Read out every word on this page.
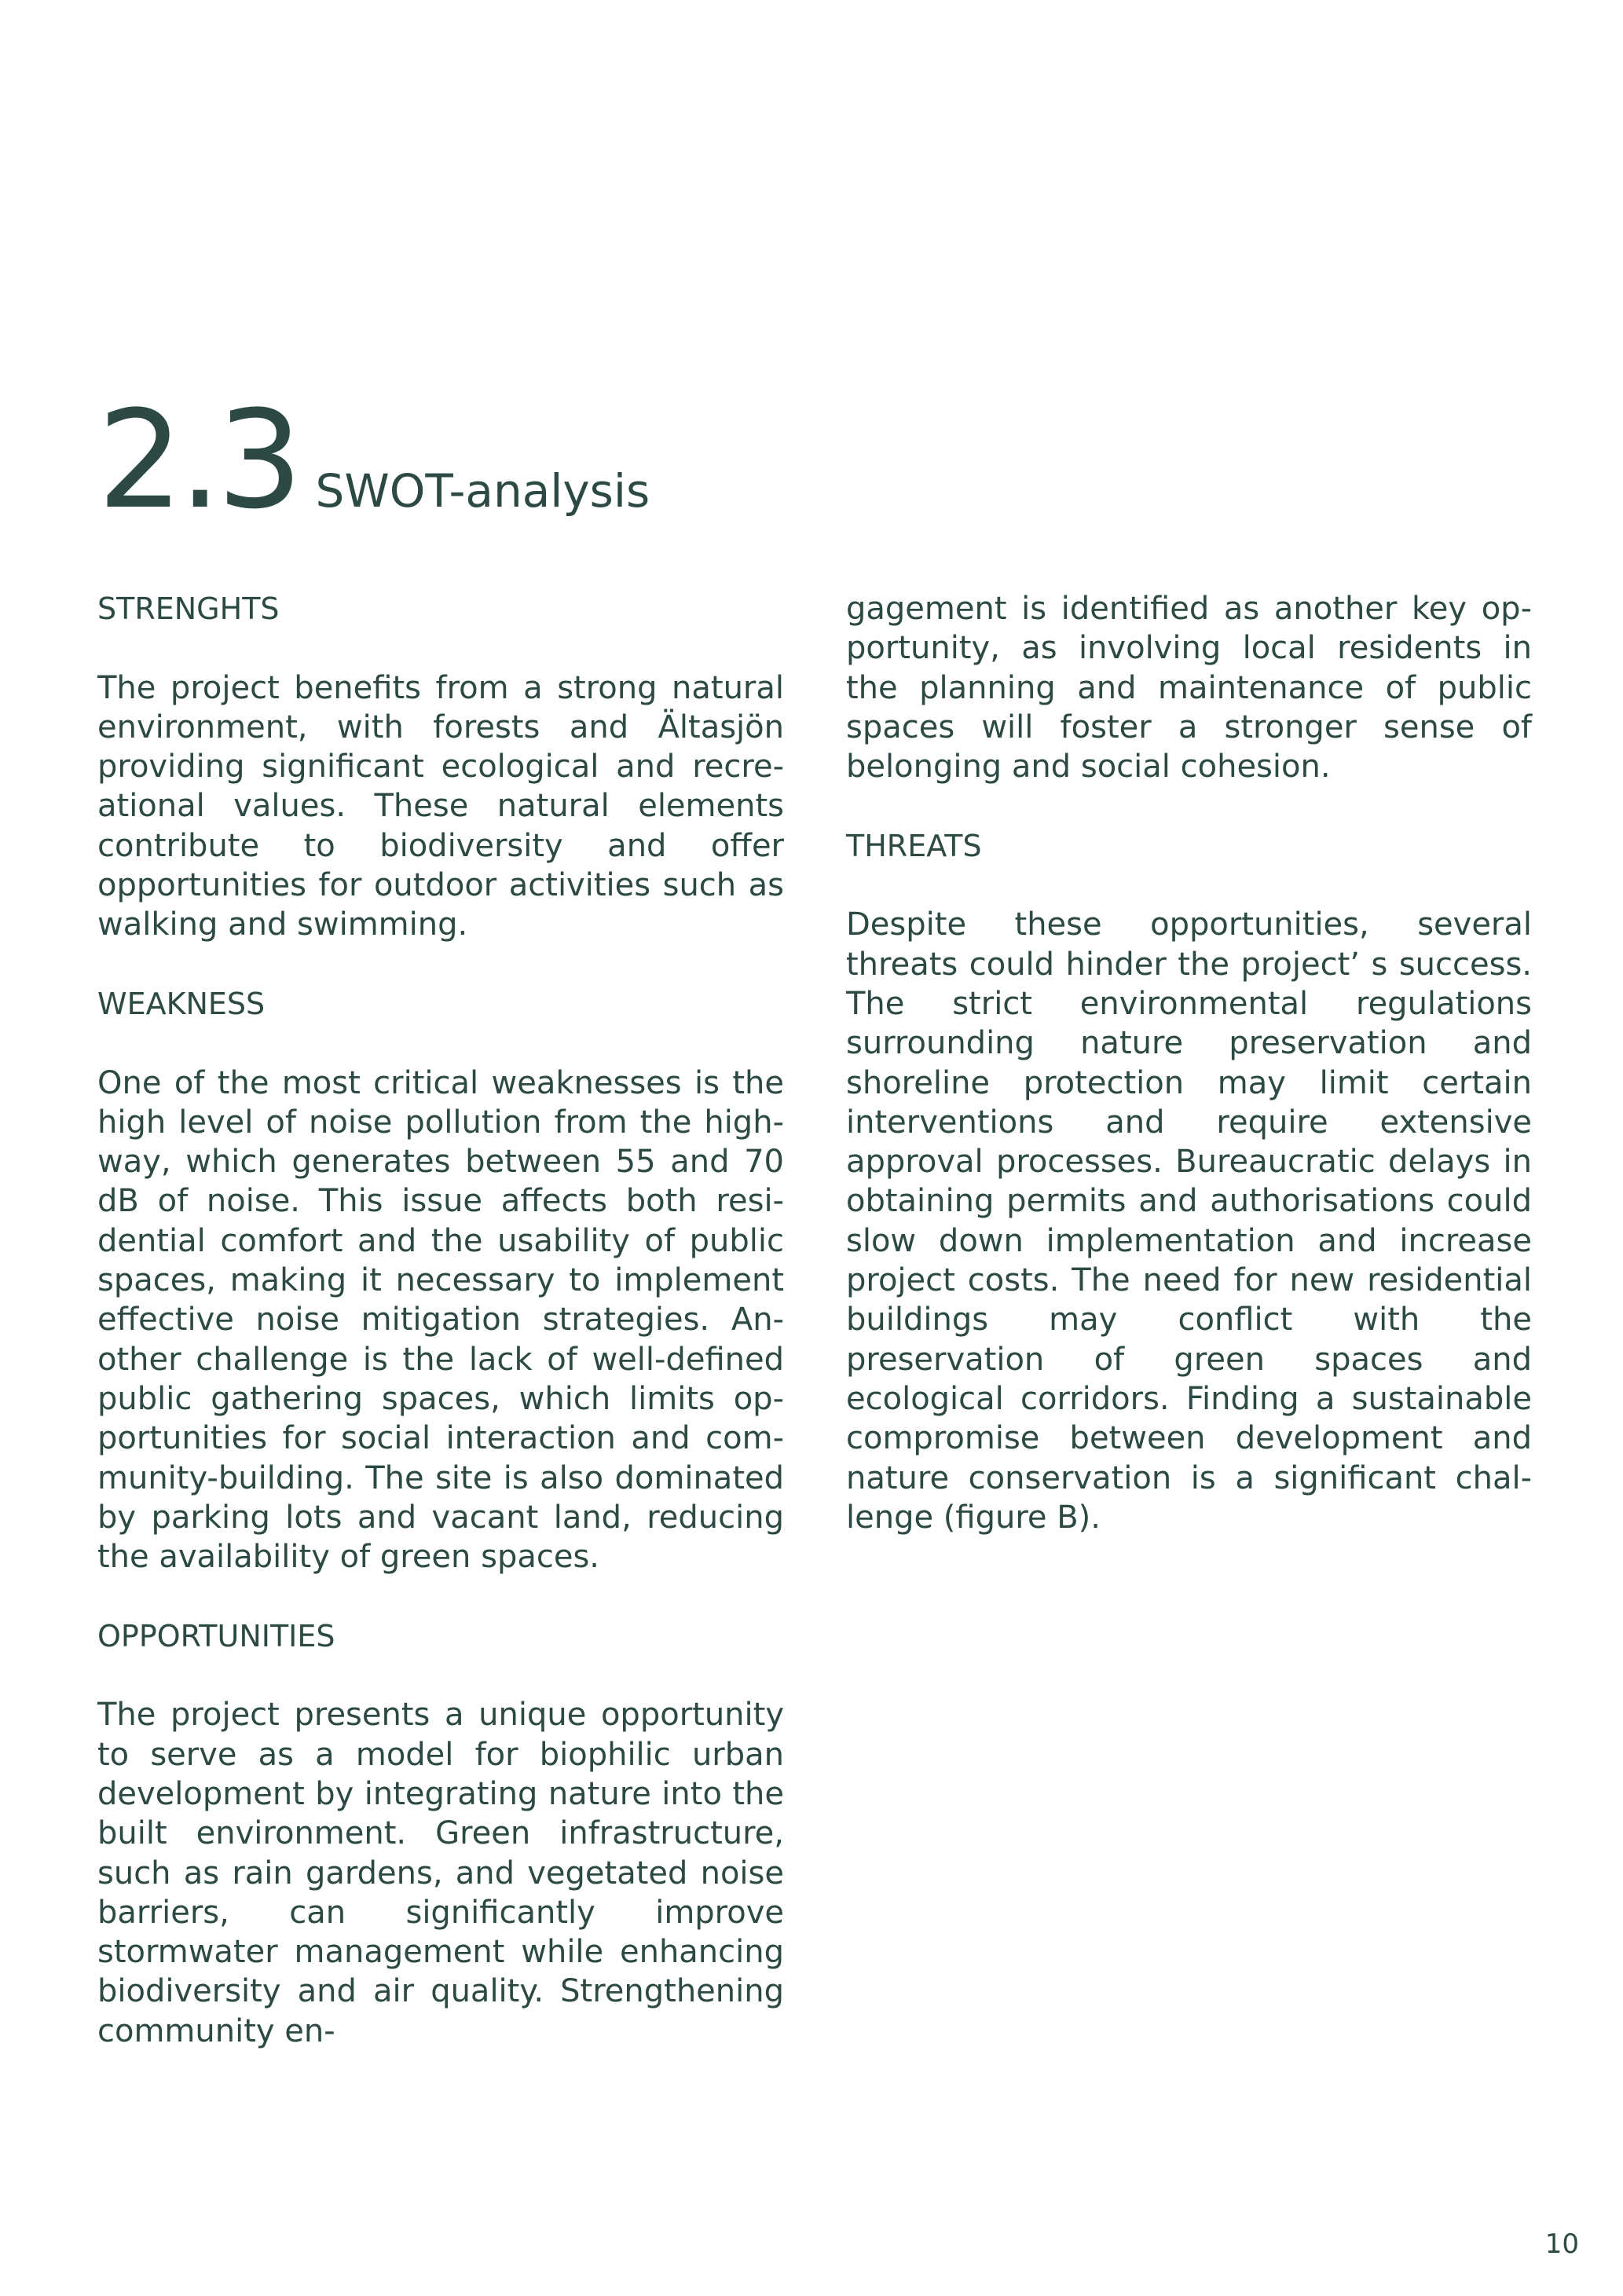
2.3 SWOT-analysis
STRENGHTS

The project benefits from a strong natural environment, with forests and Ältasjön providing significant ecological and recreational values. These natural elements contribute to biodiversity and offer opportunities for outdoor activities such as walking and swimming.

WEAKNESS

One of the most critical weaknesses is the high level of noise pollution from the highway, which generates between 55 and 70 dB of noise. This issue affects both residential comfort and the usability of public spaces, making it necessary to implement effective noise mitigation strategies. Another challenge is the lack of well-defined public gathering spaces, which limits opportunities for social interaction and community-building. The site is also dominated by parking lots and vacant land, reducing the availability of green spaces.

OPPORTUNITIES

The project presents a unique opportunity to serve as a model for biophilic urban development by integrating nature into the built environment. Green infrastructure, such as rain gardens, and vegetated noise barriers, can significantly improve stormwater management while enhancing biodiversity and air quality. Strengthening community en-

gagement is identified as another key opportunity, as involving local residents in the planning and maintenance of public spaces will foster a stronger sense of belonging and social cohesion.

THREATS

Despite these opportunities, several threats could hinder the project’ s success. The strict environmental regulations surrounding nature preservation and shoreline protection may limit certain interventions and require extensive approval processes. Bureaucratic delays in obtaining permits and authorisations could slow down implementation and increase project costs. The need for new residential buildings may conflict with the preservation of green spaces and ecological corridors. Finding a sustainable compromise between development and nature conservation is a significant challenge (figure B).

10
